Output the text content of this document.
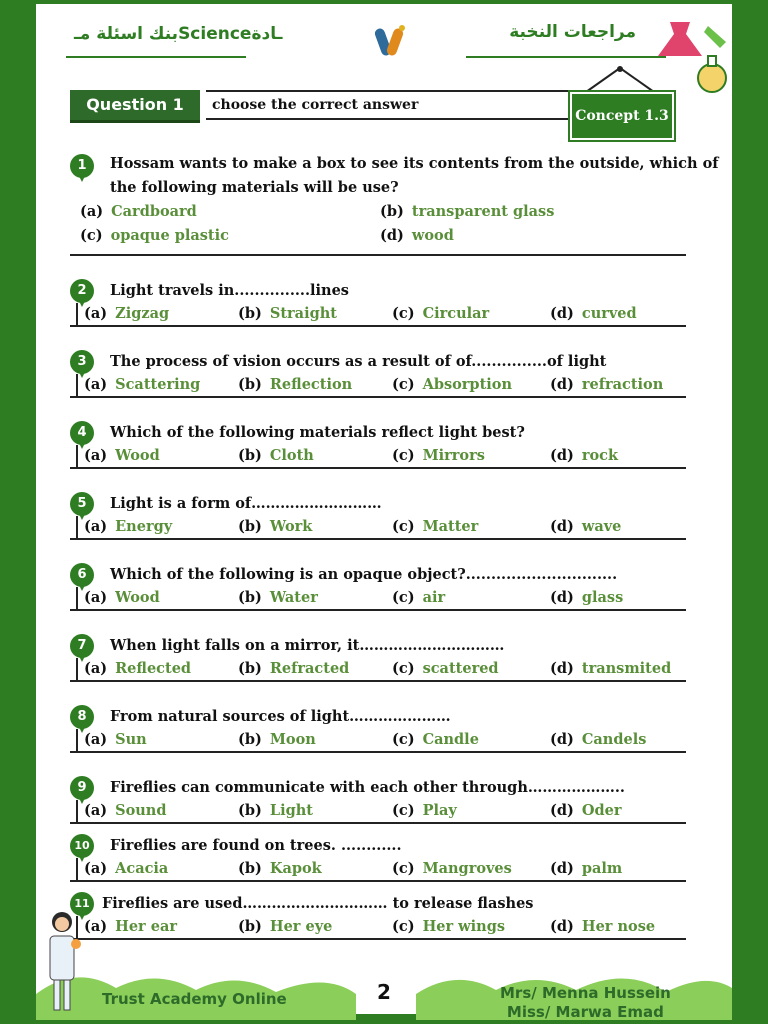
بنك اسئلة مـScienceـادة	مراجعات النخبة
Question 1	choose the correct answer
Concept 1.3
1	Hossam wants to make a box to see its contents from the outside, which of
the following materials will be use?
(a) Cardboard	(b) transparent glass
(c) opaque plastic	(d) wood
2	Light travels in...............lines
(a) Zigzag	(b) Straight	(c) Circular	(d) curved
3	The process of vision occurs as a result of of...............of light
(a) Scattering	(b) Reflection	(c) Absorption	(d) refraction
4	Which of the following materials reflect light best?
(a) Wood	(b) Cloth	(c) Mirrors	(d) rock
5	Light is a form of………………………
(a) Energy	(b) Work	(c) Matter	(d) wave
6	Which of the following is an opaque object?..............................
(a) Wood	(b) Water	(c) air	(d) glass
7	When light falls on a mirror, it…………………………
(a) Reflected	(b) Refracted	(c) scattered	(d) transmited
8	From natural sources of light…………………
(a) Sun	(b) Moon	(c) Candle	(d) Candels
9	Fireflies can communicate with each other through………………..
(a) Sound	(b) Light	(c) Play	(d) Oder
10 Fireflies are found on trees. ............
(a) Acacia	(b) Kapok	(c) Mangroves	(d) palm
11 Fireflies are used………………………… to release flashes
(a) Her ear	(b) Her eye	(c) Her wings	(d) Her nose
Trust Academy Online	2	Mrs/ Menna Hussein
Miss/ Marwa Emad
